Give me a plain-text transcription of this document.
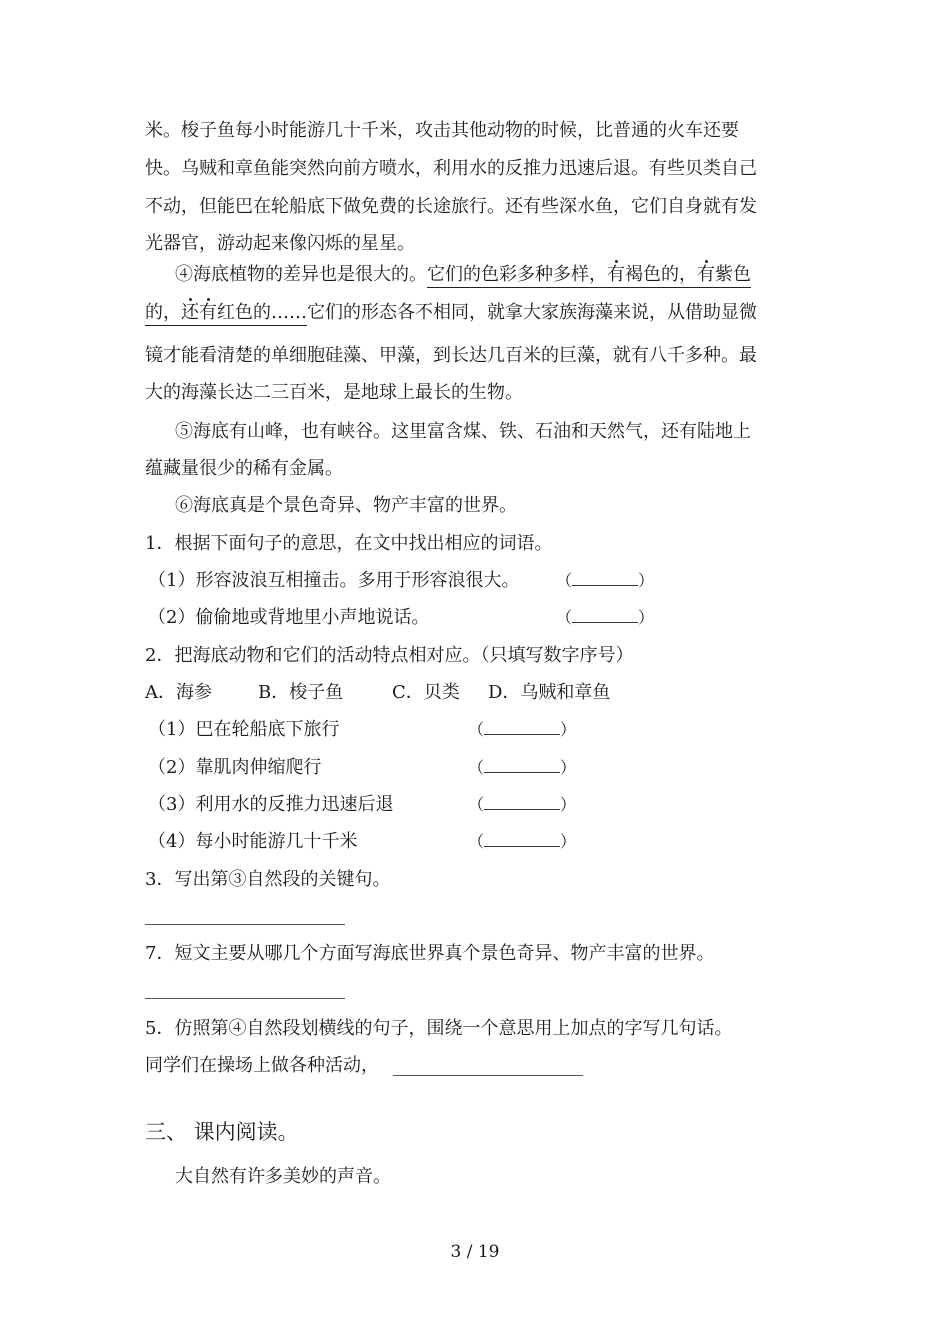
米。梭子鱼每小时能游几十千米，攻击其他动物的时候，比普通的火车还要
快。乌贼和章鱼能突然向前方喷水，利用水的反推力迅速后退。有些贝类自己
不动，但能巴在轮船底下做免费的长途旅行。还有些深水鱼，它们自身就有发
光器官，游动起来像闪烁的星星。
④海底植物的差异也是很大的。它们的色彩多种多样，有褐色的，有紫色
的，还有红色的……它们的形态各不相同，就拿大家族海藻来说，从借助显微
镜才能看清楚的单细胞硅藻、甲藻，到长达几百米的巨藻，就有八千多种。最
大的海藻长达二三百米，是地球上最长的生物。
⑤海底有山峰，也有峡谷。这里富含煤、铁、石油和天然气，还有陆地上
蕴藏量很少的稀有金属。
⑥海底真是个景色奇异、物产丰富的世界。
1．根据下面句子的意思，在文中找出相应的词语。
（1）形容波浪互相撞击。多用于形容浪很大。 （	）
（2）偷偷地或背地里小声地说话。	（	）
2．把海底动物和它们的活动特点相对应。（只填写数字序号）
A．海参	B．梭子鱼	C．贝类 D．乌贼和章鱼
（1）巴在轮船底下旅行	（	）
（2）靠肌肉伸缩爬行	（	）
（3）利用水的反推力迅速后退	（	）
（4）每小时能游几十千米	（	）
3．写出第③自然段的关键句。
7．短文主要从哪几个方面写海底世界真个景色奇异、物产丰富的世界。
5．仿照第④自然段划横线的句子，围绕一个意思用上加点的字写几句话。
同学们在操场上做各种活动，
三、 课内阅读。
大自然有许多美妙的声音。
3 / 19
